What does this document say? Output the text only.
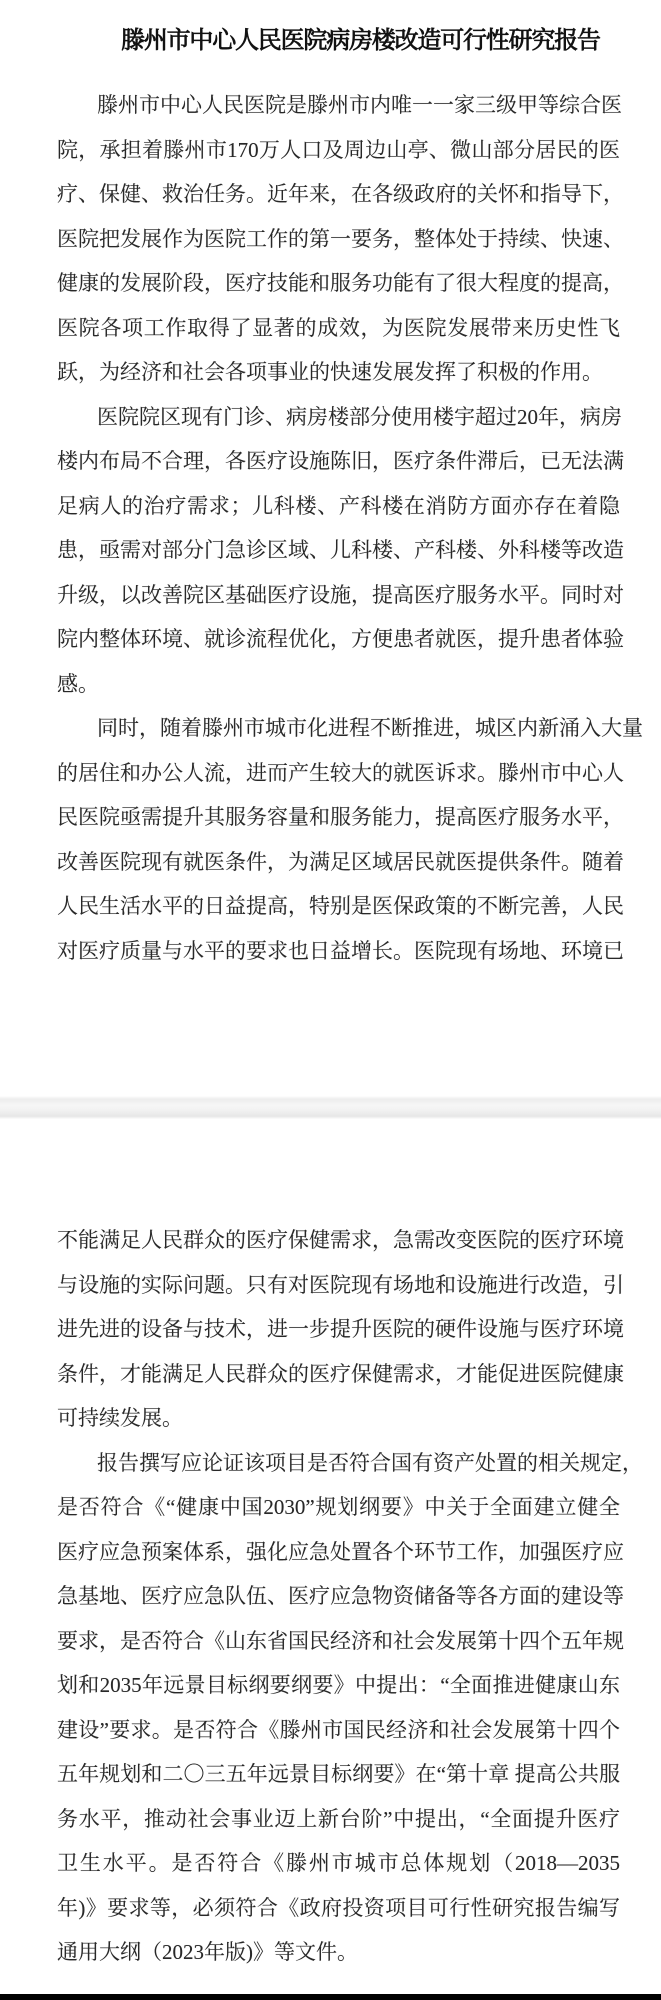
滕州市中心人民医院病房楼改造可行性研究报告
滕州市中心人民医院是滕州市内唯一一家三级甲等综合医
院，承担着滕州市170万人口及周边山亭、微山部分居民的医
疗、保健、救治任务。近年来，在各级政府的关怀和指导下，
医院把发展作为医院工作的第一要务，整体处于持续、快速、
健康的发展阶段，医疗技能和服务功能有了很大程度的提高，
医院各项工作取得了显著的成效，为医院发展带来历史性飞
跃，为经济和社会各项事业的快速发展发挥了积极的作用。
医院院区现有门诊、病房楼部分使用楼宇超过20年，病房
楼内布局不合理，各医疗设施陈旧，医疗条件滞后，已无法满
足病人的治疗需求；儿科楼、产科楼在消防方面亦存在着隐
患，亟需对部分门急诊区域、儿科楼、产科楼、外科楼等改造
升级，以改善院区基础医疗设施，提高医疗服务水平。同时对
院内整体环境、就诊流程优化，方便患者就医，提升患者体验
感。
同时，随着滕州市城市化进程不断推进，城区内新涌入大量
的居住和办公人流，进而产生较大的就医诉求。滕州市中心人
民医院亟需提升其服务容量和服务能力，提高医疗服务水平，
改善医院现有就医条件，为满足区域居民就医提供条件。随着
人民生活水平的日益提高，特别是医保政策的不断完善，人民
对医疗质量与水平的要求也日益增长。医院现有场地、环境已
不能满足人民群众的医疗保健需求，急需改变医院的医疗环境
与设施的实际问题。只有对医院现有场地和设施进行改造，引
进先进的设备与技术，进一步提升医院的硬件设施与医疗环境
条件，才能满足人民群众的医疗保健需求，才能促进医院健康
可持续发展。
报告撰写应论证该项目是否符合国有资产处置的相关规定，
是否符合《“健康中国2030”规划纲要》中关于全面建立健全
医疗应急预案体系，强化应急处置各个环节工作，加强医疗应
急基地、医疗应急队伍、医疗应急物资储备等各方面的建设等
要求，是否符合《山东省国民经济和社会发展第十四个五年规
划和2035年远景目标纲要纲要》中提出：“全面推进健康山东
建设”要求。是否符合《滕州市国民经济和社会发展第十四个
五年规划和二〇三五年远景目标纲要》在“第十章 提高公共服
务水平，推动社会事业迈上新台阶”中提出，“全面提升医疗
卫生水平。是否符合《滕州市城市总体规划（2018—2035
年)》要求等，必须符合《政府投资项目可行性研究报告编写
通用大纲（2023年版)》等文件。
